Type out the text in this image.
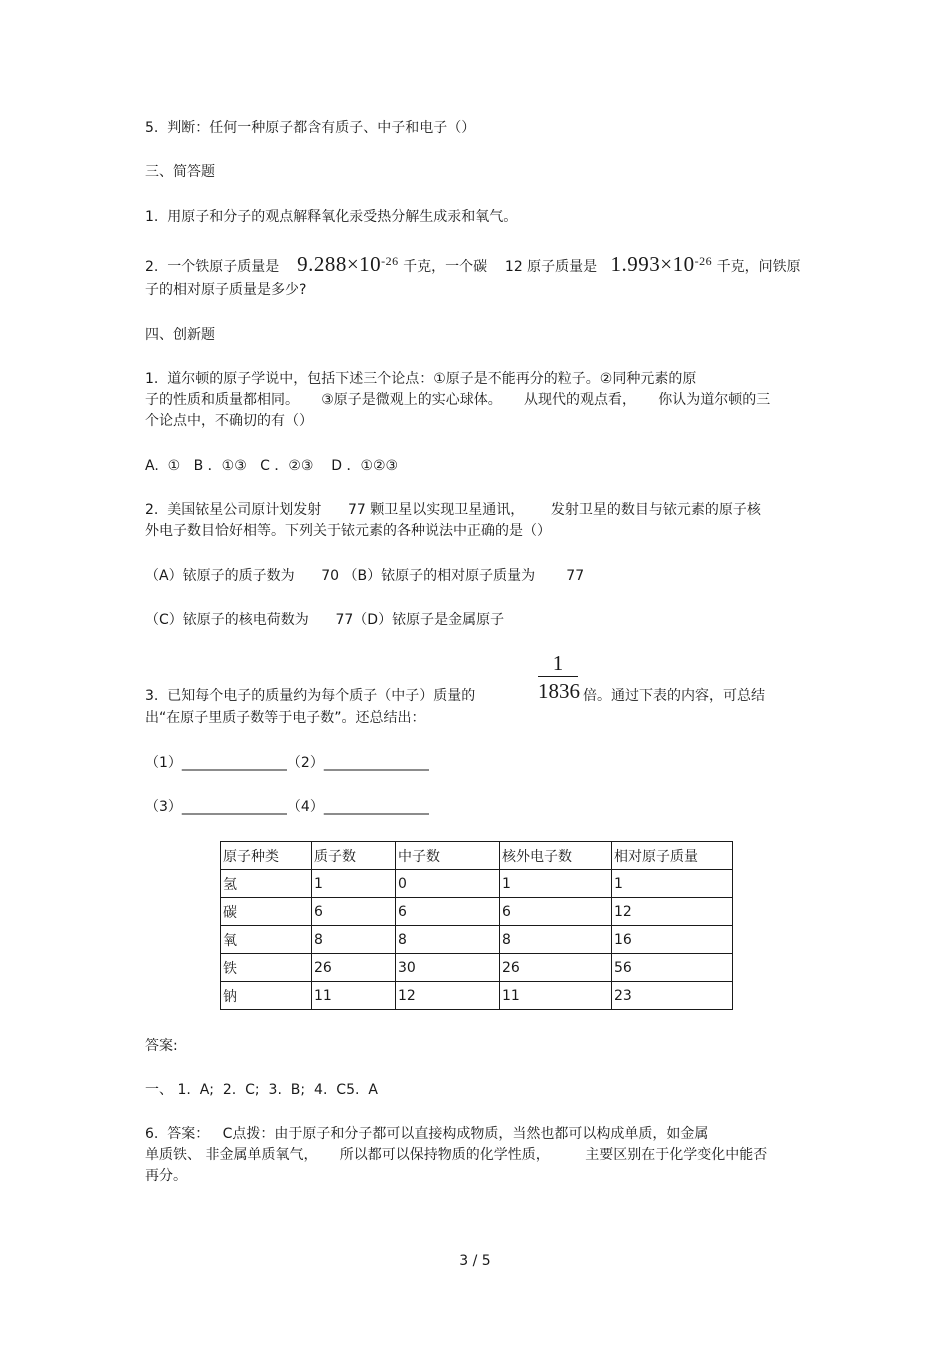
5.  判断：任何一种原子都含有质子、中子和电子（）
三、简答题
1.  用原子和分子的观点解释氧化汞受热分解生成汞和氧气。
2.  一个铁原子质量是    $9.288\times 10^{-26}$ 千克，一个碳    12 原子质量是   $1.993\times 10^{-26}$ 千克，问铁原
子的相对原子质量是多少?
四、创新题
1.  道尔顿的原子学说中，包括下述三个论点：①原子是不能再分的粒子。②同种元素的原
子的性质和质量都相同。     ③原子是微观上的实心球体。     从现代的观点看，     你认为道尔顿的三
个论点中，不确切的有（）
A.  ①   B ．①③   C ．②③    D ．①②③
2.  美国铱星公司原计划发射      77 颗卫星以实现卫星通讯，      发射卫星的数目与铱元素的原子核
外电子数目恰好相等。下列关于铱元素的各种说法中正确的是（）
（A）铱原子的质子数为      70 （B）铱原子的相对原子质量为       77
（C）铱原子的核电荷数为      77（D）铱原子是金属原子
1
1836
3.  已知每个电子的质量约为每个质子（中子）质量的	倍。通过下表的内容，可总结
出“在原子里质子数等于电子数”。还总结出：
（1）_______________（2）_______________
（3）_______________（4）_______________
原子种类	质子数	中子数	核外电子数	相对原子质量
氢	1	0	1	1
碳	6	6	6	12
氧	8	8	8	16
铁	26	30	26	56
钠	11	12	11	23
答案:
一、 1.  A;  2.  C;  3.  B;  4.  C5.  A
6.  答案：   C点拨：由于原子和分子都可以直接构成物质，当然也都可以构成单质，如金属
单质铁、 非金属单质氧气，     所以都可以保持物质的化学性质，        主要区别在于化学变化中能否
再分。
3 / 5
